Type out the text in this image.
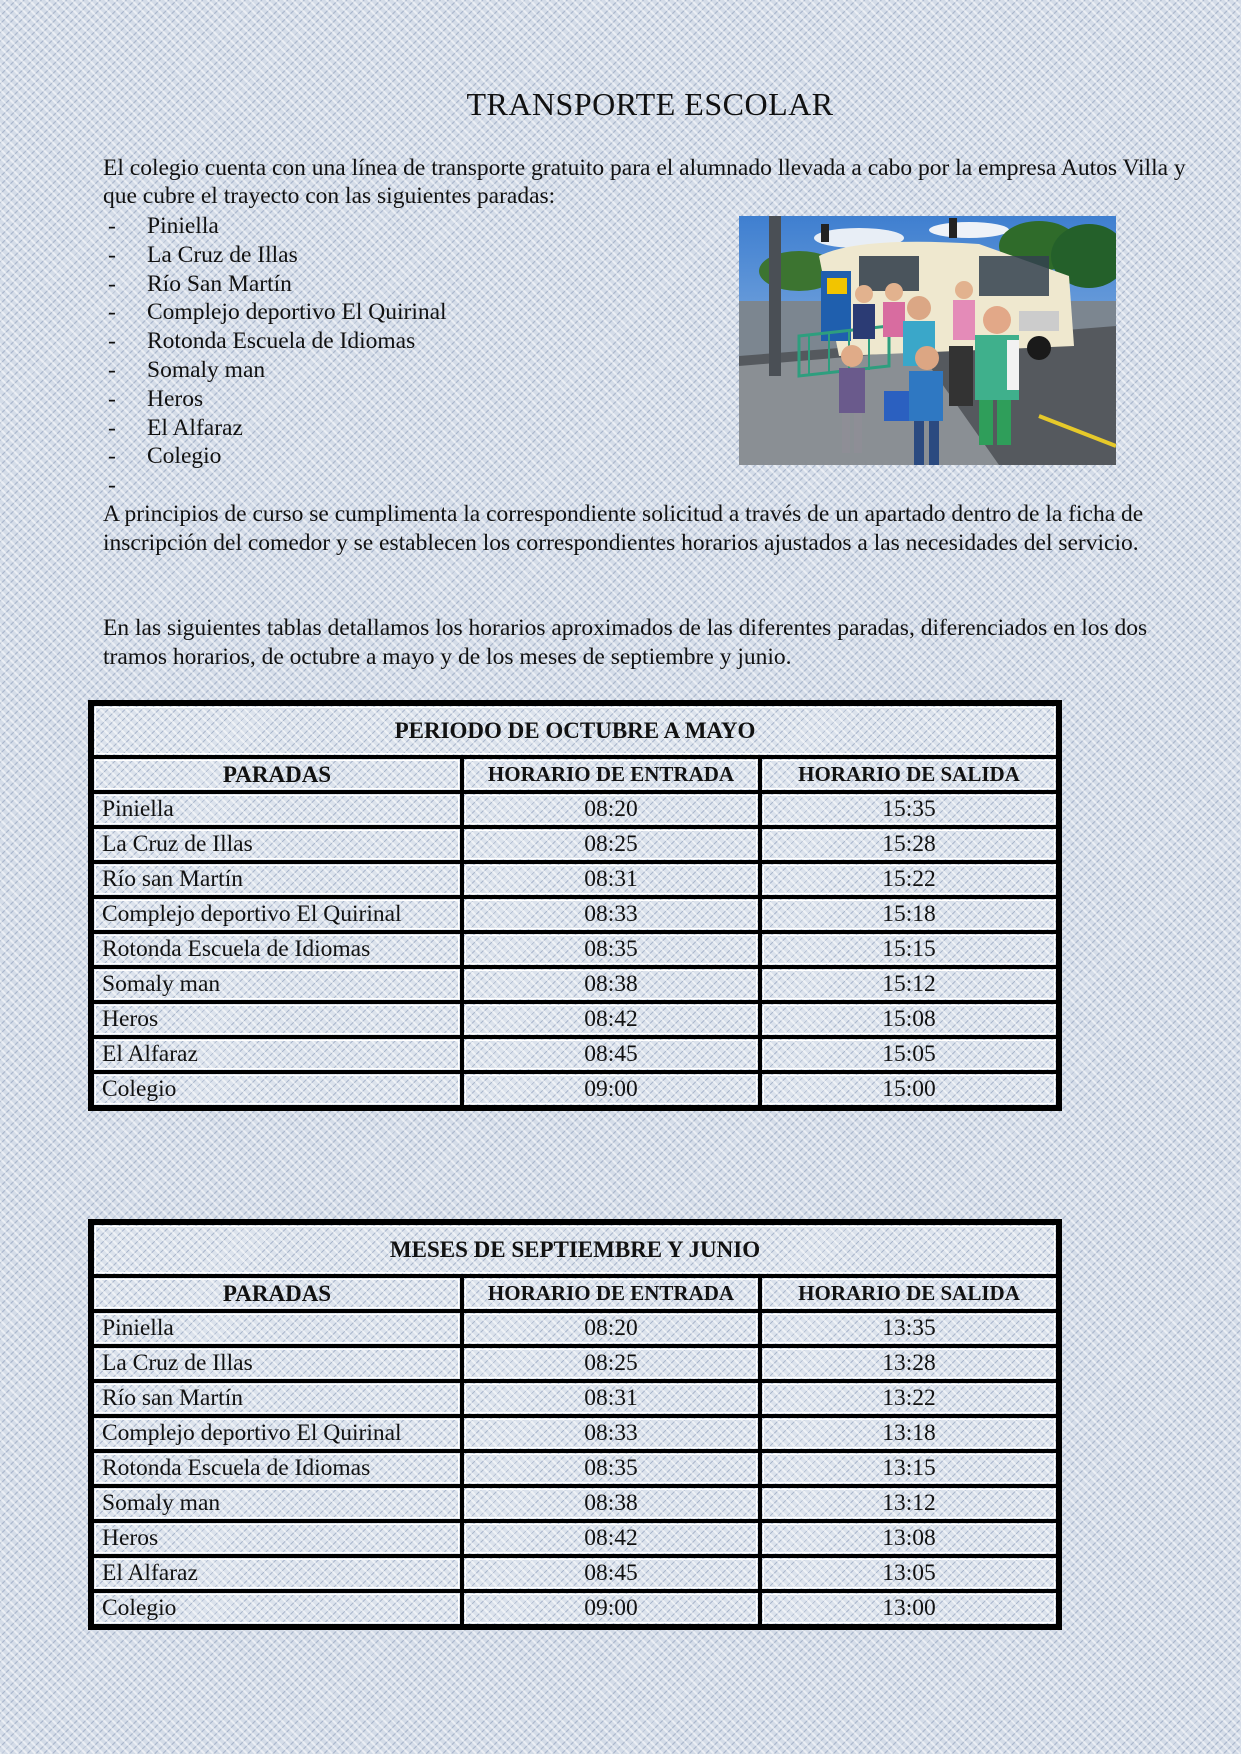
TRANSPORTE ESCOLAR

El colegio cuenta con una línea de transporte gratuito para el alumnado llevada a cabo por la empresa Autos Villa y que cubre el trayecto con las siguientes paradas:

- Piniella
- La Cruz de Illas
- Río San Martín
- Complejo deportivo El Quirinal
- Rotonda Escuela de Idiomas
- Somaly man
- Heros
- El Alfaraz
- Colegio
-

A principios de curso se cumplimenta la correspondiente solicitud a través de un apartado dentro de la ficha de inscripción del comedor y se establecen los correspondientes horarios ajustados a las necesidades del servicio.

En las siguientes tablas detallamos los horarios aproximados de las diferentes paradas, diferenciados en los dos tramos horarios, de octubre a mayo y de los meses de septiembre y junio.

PERIODO DE OCTUBRE A MAYO		
PARADAS	HORARIO DE ENTRADA	HORARIO DE SALIDA
Piniella	08:20	15:35
La Cruz de Illas	08:25	15:28
Río san Martín	08:31	15:22
Complejo deportivo El Quirinal	08:33	15:18
Rotonda Escuela de Idiomas	08:35	15:15
Somaly man	08:38	15:12
Heros	08:42	15:08
El Alfaraz	08:45	15:05
Colegio	09:00	15:00
MESES DE SEPTIEMBRE Y JUNIO		
PARADAS	HORARIO DE ENTRADA	HORARIO DE SALIDA
Piniella	08:20	13:35
La Cruz de Illas	08:25	13:28
Río san Martín	08:31	13:22
Complejo deportivo El Quirinal	08:33	13:18
Rotonda Escuela de Idiomas	08:35	13:15
Somaly man	08:38	13:12
Heros	08:42	13:08
El Alfaraz	08:45	13:05
Colegio	09:00	13:00
